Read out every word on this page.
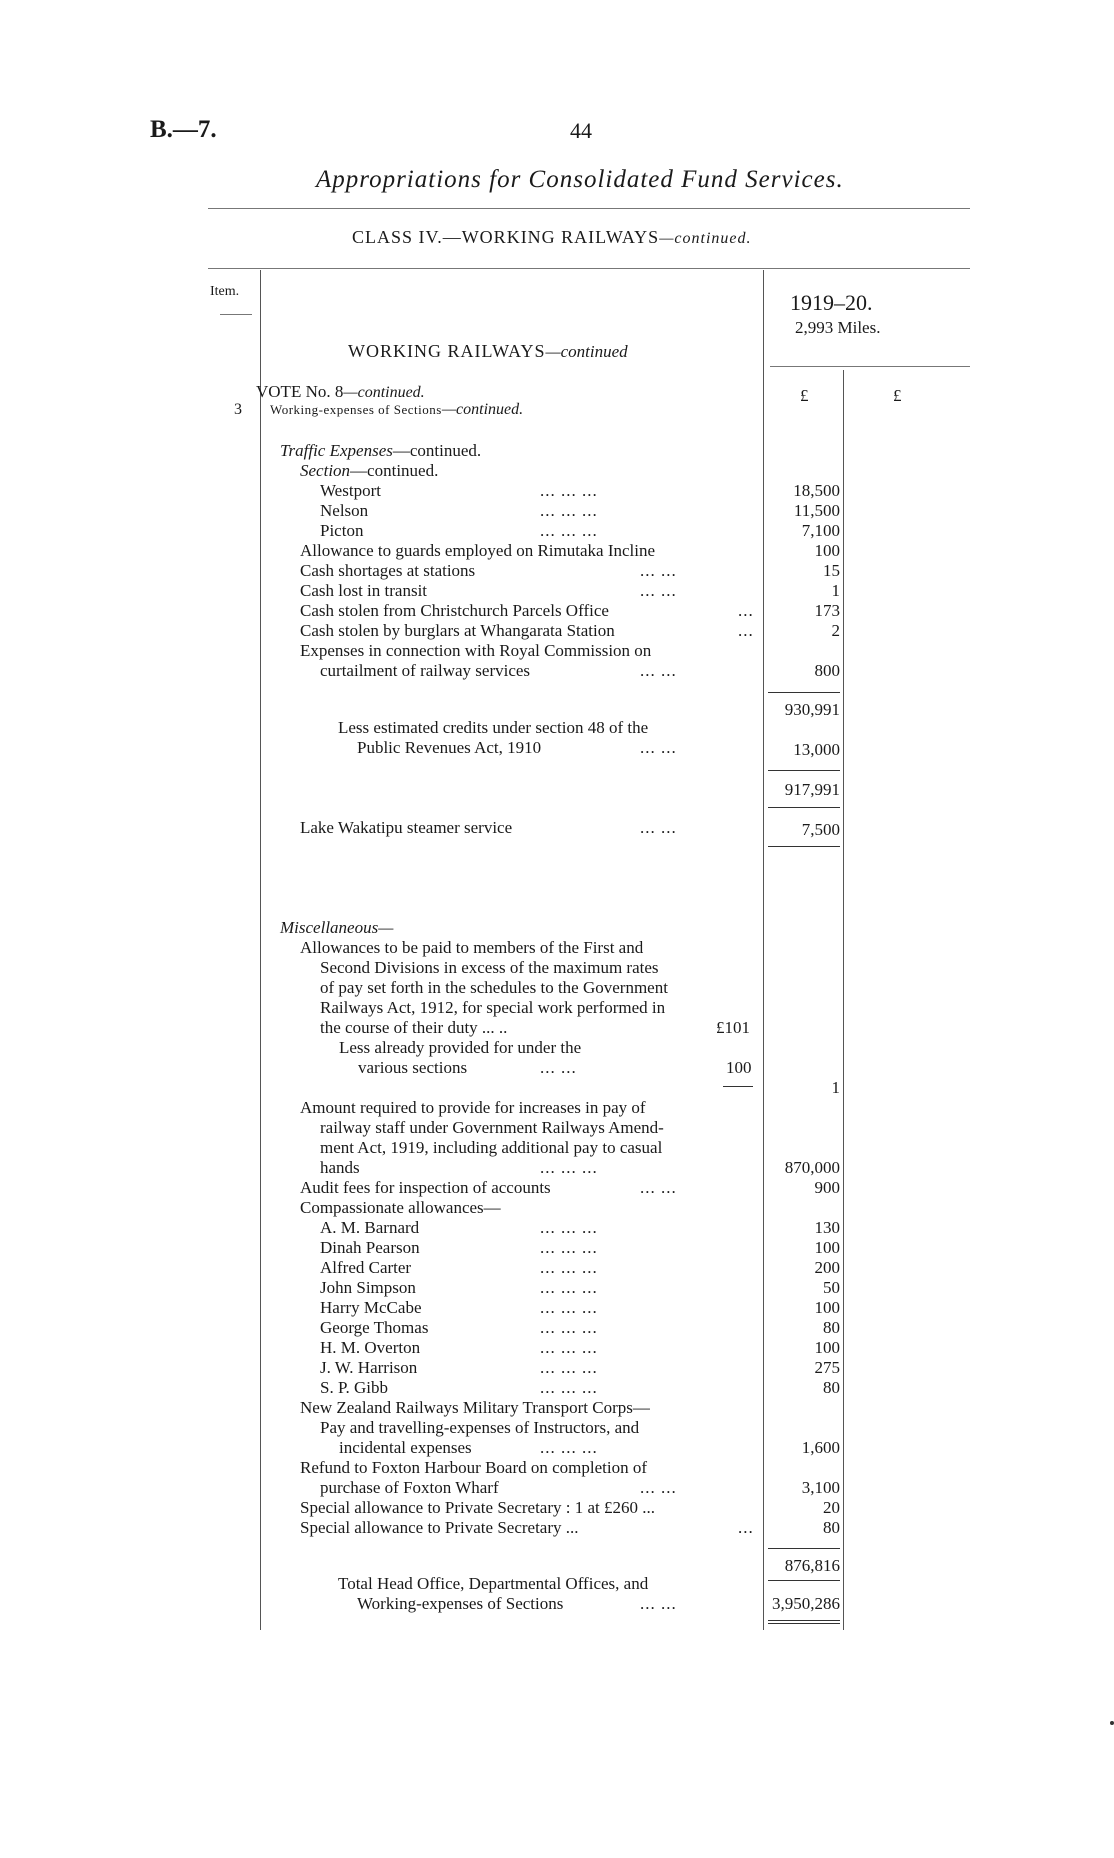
B.—7.	44
Appropriations for Consolidated Fund Services.
CLASS IV.—WORKING RAILWAYS—continued.
Item.	1919–20.
2,993 Miles.
£	£
WORKING RAILWAYS—continued
VOTE No. 8—continued.
3 Working-expenses of Sections—continued.
Traffic Expenses—continued.
Section—continued.
Westport	... ... ...	18,500
Nelson	... ... ...	11,500
Picton	... ... ...	7,100
Allowance to guards employed on Rimutaka Incline	100
Cash shortages at stations	... ...	15
Cash lost in transit	... ...	1
Cash stolen from Christchurch Parcels Office	...	173
Cash stolen by burglars at Whangarata Station	...	2
Expenses in connection with Royal Commission on
curtailment of railway services	... ...	800
930,991
Less estimated credits under section 48 of the
Public Revenues Act, 1910	... ...	13,000
917,991
Lake Wakatipu steamer service	... ...	7,500
Miscellaneous—
Allowances to be paid to members of the First and
Second Divisions in excess of the maximum rates
of pay set forth in the schedules to the Government
Railways Act, 1912, for special work performed in
the course of their duty ... ..	£101
Less already provided for under the
various sections	... ...	100
1
Amount required to provide for increases in pay of
railway staff under Government Railways Amend-
ment Act, 1919, including additional pay to casual
hands	... ... ...	870,000
Audit fees for inspection of accounts	... ...	900
Compassionate allowances—
A. M. Barnard	... ... ...	130
Dinah Pearson	... ... ...	100
Alfred Carter	... ... ...	200
John Simpson	... ... ...	50
Harry McCabe	... ... ...	100
George Thomas	... ... ...	80
H. M. Overton	... ... ...	100
J. W. Harrison	... ... ...	275
S. P. Gibb	... ... ...	80
New Zealand Railways Military Transport Corps—
Pay and travelling-expenses of Instructors, and
incidental expenses	... ... ...	1,600
Refund to Foxton Harbour Board on completion of
purchase of Foxton Wharf	... ...	3,100
Special allowance to Private Secretary : 1 at £260 ...	20
Special allowance to Private Secretary ...	...	80
876,816
Total Head Office, Departmental Offices, and
Working-expenses of Sections	... ...	3,950,286
